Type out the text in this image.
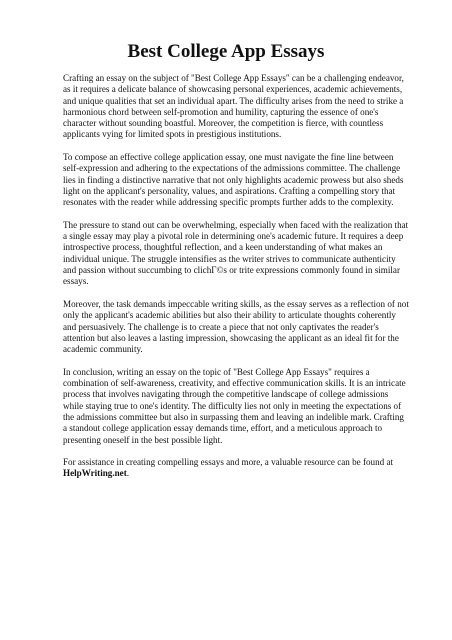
Best College App Essays

Crafting an essay on the subject of "Best College App Essays" can be a challenging endeavor, as it requires a delicate balance of showcasing personal experiences, academic achievements, and unique qualities that set an individual apart. The difficulty arises from the need to strike a harmonious chord between self-promotion and humility, capturing the essence of one's character without sounding boastful. Moreover, the competition is fierce, with countless applicants vying for limited spots in prestigious institutions.

To compose an effective college application essay, one must navigate the fine line between self-expression and adhering to the expectations of the admissions committee. The challenge lies in finding a distinctive narrative that not only highlights academic prowess but also sheds light on the applicant's personality, values, and aspirations. Crafting a compelling story that resonates with the reader while addressing specific prompts further adds to the complexity.

The pressure to stand out can be overwhelming, especially when faced with the realization that a single essay may play a pivotal role in determining one's academic future. It requires a deep introspective process, thoughtful reflection, and a keen understanding of what makes an individual unique. The struggle intensifies as the writer strives to communicate authenticity and passion without succumbing to clichГ©s or trite expressions commonly found in similar essays.

Moreover, the task demands impeccable writing skills, as the essay serves as a reflection of not only the applicant's academic abilities but also their ability to articulate thoughts coherently and persuasively. The challenge is to create a piece that not only captivates the reader's attention but also leaves a lasting impression, showcasing the applicant as an ideal fit for the academic community.

In conclusion, writing an essay on the topic of "Best College App Essays" requires a combination of self-awareness, creativity, and effective communication skills. It is an intricate process that involves navigating through the competitive landscape of college admissions while staying true to one's identity. The difficulty lies not only in meeting the expectations of the admissions committee but also in surpassing them and leaving an indelible mark. Crafting a standout college application essay demands time, effort, and a meticulous approach to presenting oneself in the best possible light.

For assistance in creating compelling essays and more, a valuable resource can be found at
HelpWriting.net.
